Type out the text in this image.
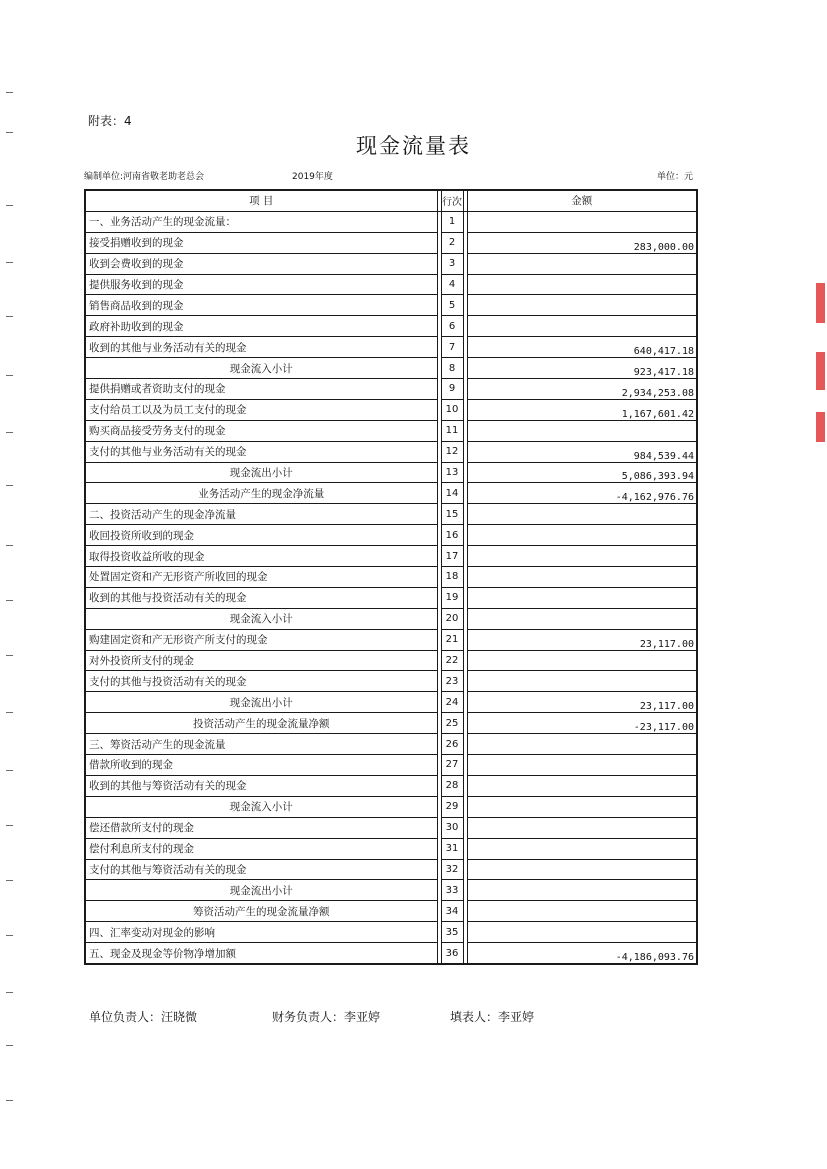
附表：4
现金流量表
编制单位:河南省敬老助老总会	2019年度	单位：元
项 目		行次		金额
一、业务活动产生的现金流量：		1		
接受捐赠收到的现金		2		283,000.00
收到会费收到的现金		3		
提供服务收到的现金		4		
销售商品收到的现金		5		
政府补助收到的现金		6		
收到的其他与业务活动有关的现金		7		640,417.18
现金流入小计		8		923,417.18
提供捐赠或者资助支付的现金		9		2,934,253.08
支付给员工以及为员工支付的现金		10		1,167,601.42
购买商品接受劳务支付的现金		11		
支付的其他与业务活动有关的现金		12		984,539.44
现金流出小计		13		5,086,393.94
业务活动产生的现金净流量		14		-4,162,976.76
二、投资活动产生的现金净流量		15		
收回投资所收到的现金		16		
取得投资收益所收的现金		17		
处置固定资和产无形资产所收回的现金		18		
收到的其他与投资活动有关的现金		19		
现金流入小计		20		
购建固定资和产无形资产所支付的现金		21		23,117.00
对外投资所支付的现金		22		
支付的其他与投资活动有关的现金		23		
现金流出小计		24		23,117.00
投资活动产生的现金流量净额		25		-23,117.00
三、筹资活动产生的现金流量		26		
借款所收到的现金		27		
收到的其他与筹资活动有关的现金		28		
现金流入小计		29		
偿还借款所支付的现金		30		
偿付利息所支付的现金		31		
支付的其他与筹资活动有关的现金		32		
现金流出小计		33		
筹资活动产生的现金流量净额		34		
四、汇率变动对现金的影响		35		
五、现金及现金等价物净增加额		36		-4,186,093.76
单位负责人：汪晓微	财务负责人：李亚婷	填表人：李亚婷
